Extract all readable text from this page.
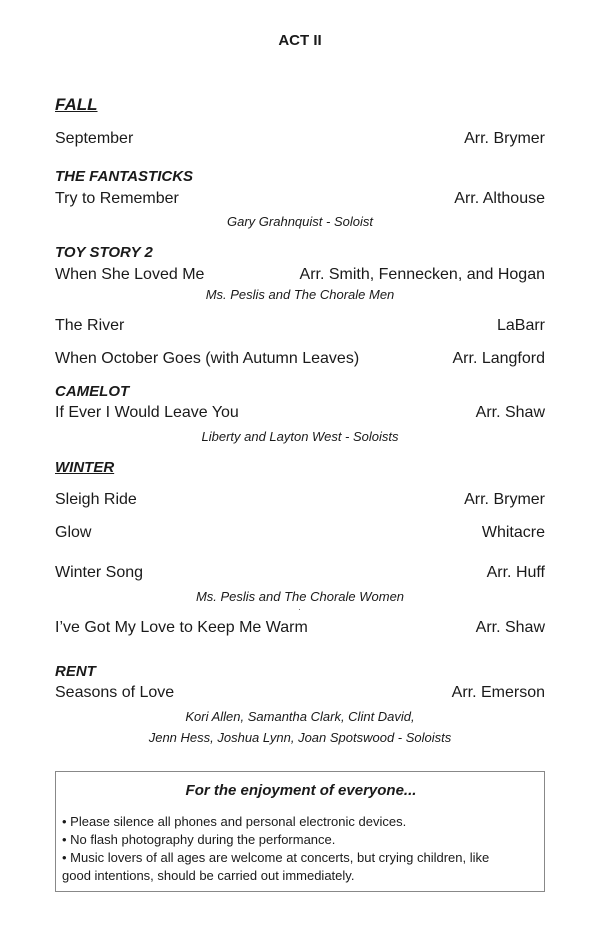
ACT II
FALL
September	Arr. Brymer
THE FANTASTICKS
Try to Remember	Arr. Althouse
Gary Grahnquist - Soloist
TOY STORY 2
When She Loved Me	Arr. Smith, Fennecken, and Hogan
Ms. Peslis and The Chorale Men
The River	LaBarr
When October Goes (with Autumn Leaves)	Arr. Langford
CAMELOT
If Ever I Would Leave You	Arr. Shaw
Liberty and Layton West - Soloists
WINTER
Sleigh Ride	Arr. Brymer
Glow	Whitacre
Winter Song	Arr. Huff
Ms. Peslis and The Chorale Women
I’ve Got My Love to Keep Me Warm	Arr. Shaw
RENT
Seasons of Love	Arr. Emerson
Kori Allen, Samantha Clark, Clint David,
Jenn Hess, Joshua Lynn, Joan Spotswood - Soloists
For the enjoyment of everyone...
• Please silence all phones and personal electronic devices.
• No flash photography during the performance.
• Music lovers of all ages are welcome at concerts, but crying children, like
good intentions, should be carried out immediately.
